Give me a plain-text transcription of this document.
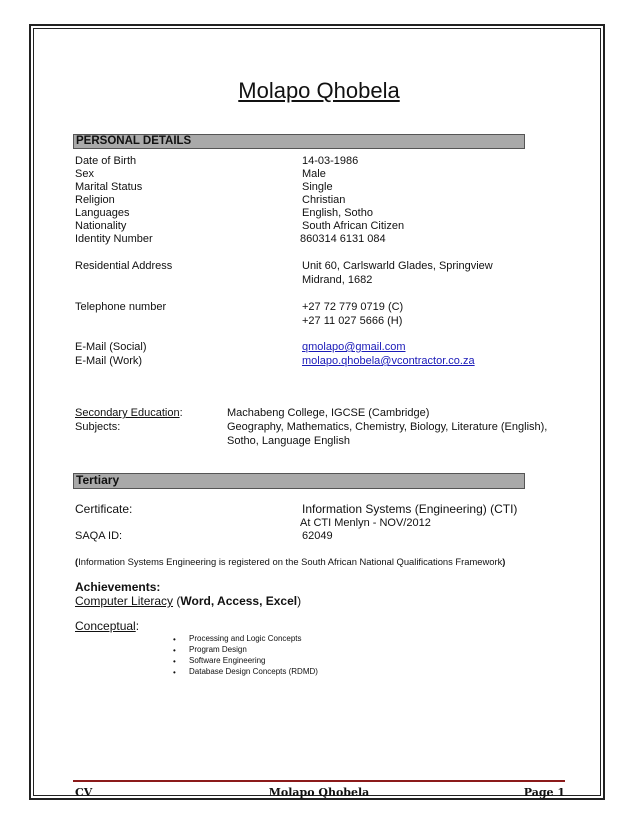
Molapo Qhobela
PERSONAL DETAILS
Date of Birth	14-03-1986
Sex	Male
Marital Status	Single
Religion	Christian
Languages	English, Sotho
Nationality	South African Citizen
Identity Number	860314 6131 084
Residential Address	Unit 60, Carlswarld Glades, Springview
Midrand, 1682
Telephone number	+27 72 779 0719 (C)
+27 11 027 5666 (H)
E-Mail (Social)	qmolapo@gmail.com
E-Mail (Work)	molapo.qhobela@vcontractor.co.za
Secondary Education:	Machabeng College, IGCSE (Cambridge)
Subjects:	Geography, Mathematics, Chemistry, Biology, Literature (English),
Sotho, Language English
Tertiary
Certificate:	Information Systems (Engineering) (CTI)
At CTI Menlyn - NOV/2012
SAQA ID:	62049
(Information Systems Engineering is registered on the South African National Qualifications Framework)
Achievements:
Computer Literacy (Word, Access, Excel)
Conceptual:
• Processing and Logic Concepts
• Program Design
• Software Engineering
• Database Design Concepts (RDMD)
CV	Molapo Qhobela	Page 1
